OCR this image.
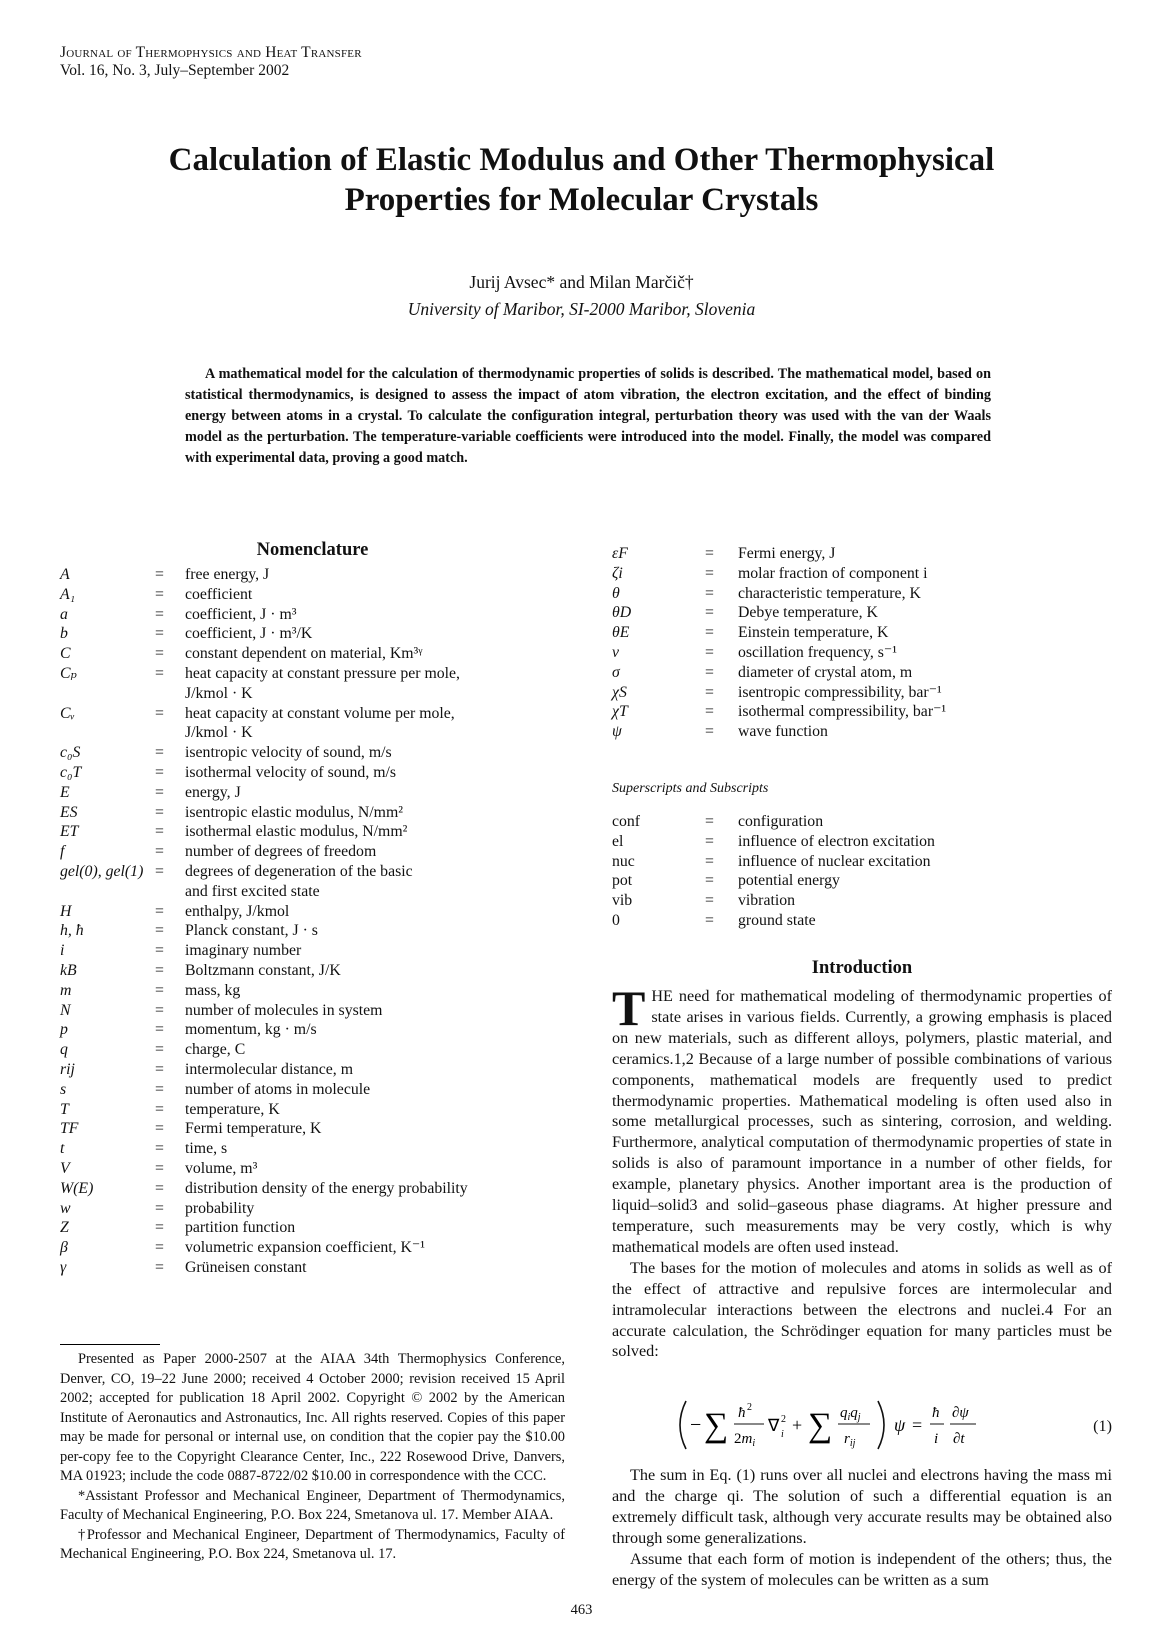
Journal of Thermophysics and Heat Transfer
Vol. 16, No. 3, July–September 2002
Calculation of Elastic Modulus and Other Thermophysical
Properties for Molecular Crystals
Jurij Avsec* and Milan Marčič†
University of Maribor, SI-2000 Maribor, Slovenia
A mathematical model for the calculation of thermodynamic properties of solids is described. The mathematical model, based on statistical thermodynamics, is designed to assess the impact of atom vibration, the electron excitation, and the effect of binding energy between atoms in a crystal. To calculate the configuration integral, perturbation theory was used with the van der Waals model as the perturbation. The temperature-variable coefficients were introduced into the model. Finally, the model was compared with experimental data, proving a good match.
Nomenclature
A	= free energy, J
A₁	= coefficient
a	= coefficient, J · m³
b	= coefficient, J · m³/K
C	= constant dependent on material, Km³ᵞ
Cₚ	= heat capacity at constant pressure per mole,
J/kmol · K
Cᵥ	= heat capacity at constant volume per mole,
J/kmol · K
c₀S	= isentropic velocity of sound, m/s
c₀T	= isothermal velocity of sound, m/s
E	= energy, J
ES	= isentropic elastic modulus, N/mm²
ET	= isothermal elastic modulus, N/mm²
f	= number of degrees of freedom
gel(0), gel(1) = degrees of degeneration of the basic
and first excited state
H	= enthalpy, J/kmol
h, ħ	= Planck constant, J · s
i	= imaginary number
kB	= Boltzmann constant, J/K
m	= mass, kg
N	= number of molecules in system
p	= momentum, kg · m/s
q	= charge, C
rij	= intermolecular distance, m
s	= number of atoms in molecule
T	= temperature, K
TF	= Fermi temperature, K
t	= time, s
V	= volume, m³
W(E)	= distribution density of the energy probability
w	= probability
Z	= partition function
β	= volumetric expansion coefficient, K⁻¹
γ	= Grüneisen constant
εF	= Fermi energy, J
ζi	= molar fraction of component i
θ	= characteristic temperature, K
θD	= Debye temperature, K
θE	= Einstein temperature, K
ν	= oscillation frequency, s⁻¹
σ	= diameter of crystal atom, m
χS	= isentropic compressibility, bar⁻¹
χT	= isothermal compressibility, bar⁻¹
ψ	= wave function
Superscripts and Subscripts
conf	= configuration
el	= influence of electron excitation
nuc	= influence of nuclear excitation
pot	= potential energy
vib	= vibration
0	= ground state

Presented as Paper 2000-2507 at the AIAA 34th Thermophysics Conference, Denver, CO, 19–22 June 2000; received 4 October 2000; revision received 15 April 2002; accepted for publication 18 April 2002. Copyright © 2002 by the American Institute of Aeronautics and Astronautics, Inc. All rights reserved. Copies of this paper may be made for personal or internal use, on condition that the copier pay the $10.00 per-copy fee to the Copyright Clearance Center, Inc., 222 Rosewood Drive, Danvers, MA 01923; include the code 0887-8722/02 $10.00 in correspondence with the CCC.

*Assistant Professor and Mechanical Engineer, Department of Thermodynamics, Faculty of Mechanical Engineering, P.O. Box 224, Smetanova ul. 17. Member AIAA.

†Professor and Mechanical Engineer, Department of Thermodynamics, Faculty of Mechanical Engineering, P.O. Box 224, Smetanova ul. 17.

Introduction

THE need for mathematical modeling of thermodynamic properties of state arises in various fields. Currently, a growing emphasis is placed on new materials, such as different alloys, polymers, plastic material, and ceramics.1,2 Because of a large number of possible combinations of various components, mathematical models are frequently used to predict thermodynamic properties. Mathematical modeling is often used also in some metallurgical processes, such as sintering, corrosion, and welding. Furthermore, analytical computation of thermodynamic properties of state in solids is also of paramount importance in a number of other fields, for example, planetary physics. Another important area is the production of liquid–solid3 and solid–gaseous phase diagrams. At higher pressure and temperature, such measurements may be very costly, which is why mathematical models are often used instead.

The bases for the motion of molecules and atoms in solids as well as of the effect of attractive and repulsive forces are intermolecular and intramolecular interactions between the electrons and nuclei.4 For an accurate calculation, the Schrödinger equation for many particles must be solved:

− ∑ ħ 2
$2m_i$
∇ 2
i + ∑ $q_iq_j$
$r_{ij}$
ψ =
ħ
i
∂ψ
∂t
(1)

The sum in Eq. (1) runs over all nuclei and electrons having the mass mi and the charge qi. The solution of such a differential equation is an extremely difficult task, although very accurate results may be obtained also through some generalizations.

Assume that each form of motion is independent of the others; thus, the energy of the system of molecules can be written as a sum

463
